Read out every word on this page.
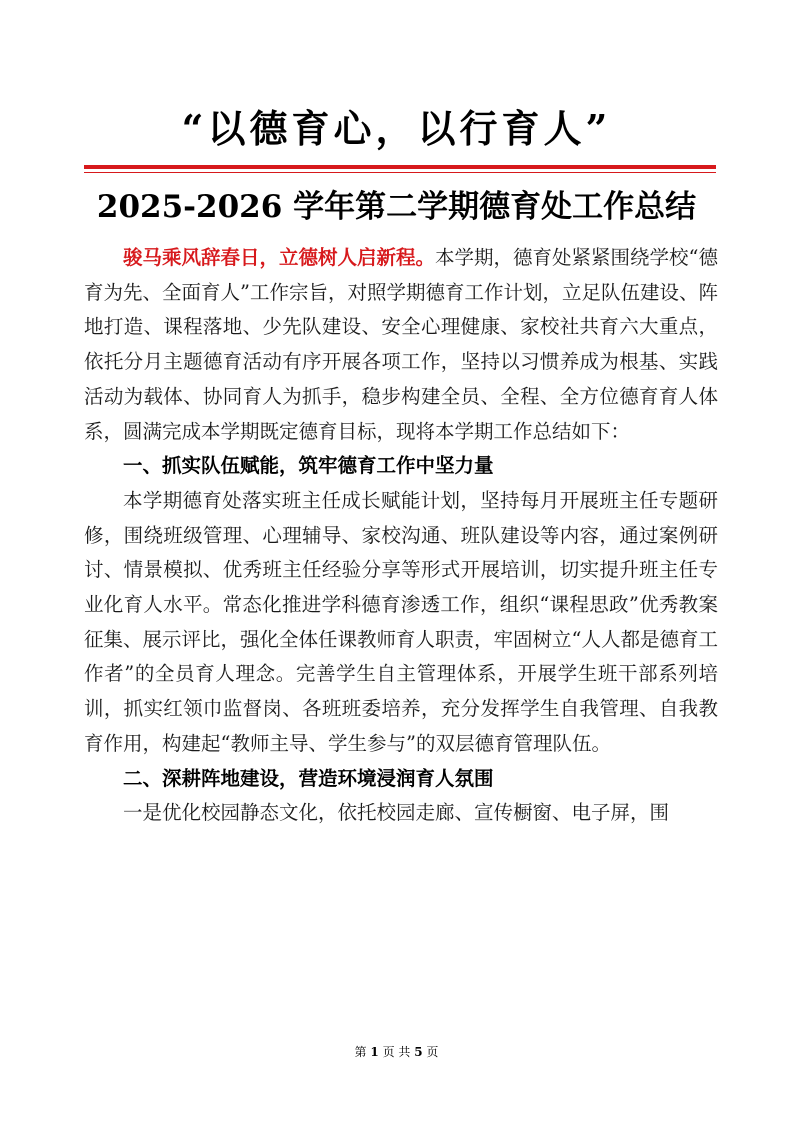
“以德育心，以行育人”
2025-2026 学年第二学期德育处工作总结

骏马乘风辞春日，立德树人启新程。本学期，德育处紧紧围绕学校“德育为先、全面育人”工作宗旨，对照学期德育工作计划，立足队伍建设、阵地打造、课程落地、少先队建设、安全心理健康、家校社共育六大重点，依托分月主题德育活动有序开展各项工作，坚持以习惯养成为根基、实践活动为载体、协同育人为抓手，稳步构建全员、全程、全方位德育育人体系，圆满完成本学期既定德育目标，现将本学期工作总结如下：

一、抓实队伍赋能，筑牢德育工作中坚力量

本学期德育处落实班主任成长赋能计划，坚持每月开展班主任专题研修，围绕班级管理、心理辅导、家校沟通、班队建设等内容，通过案例研讨、情景模拟、优秀班主任经验分享等形式开展培训，切实提升班主任专业化育人水平。常态化推进学科德育渗透工作，组织“课程思政”优秀教案征集、展示评比，强化全体任课教师育人职责，牢固树立“人人都是德育工作者”的全员育人理念。完善学生自主管理体系，开展学生班干部系列培训，抓实红领巾监督岗、各班班委培养，充分发挥学生自我管理、自我教育作用，构建起“教师主导、学生参与”的双层德育管理队伍。

二、深耕阵地建设，营造环境浸润育人氛围

一是优化校园静态文化，依托校园走廊、宣传橱窗、电子屏，围

第 1 页 共 5 页
